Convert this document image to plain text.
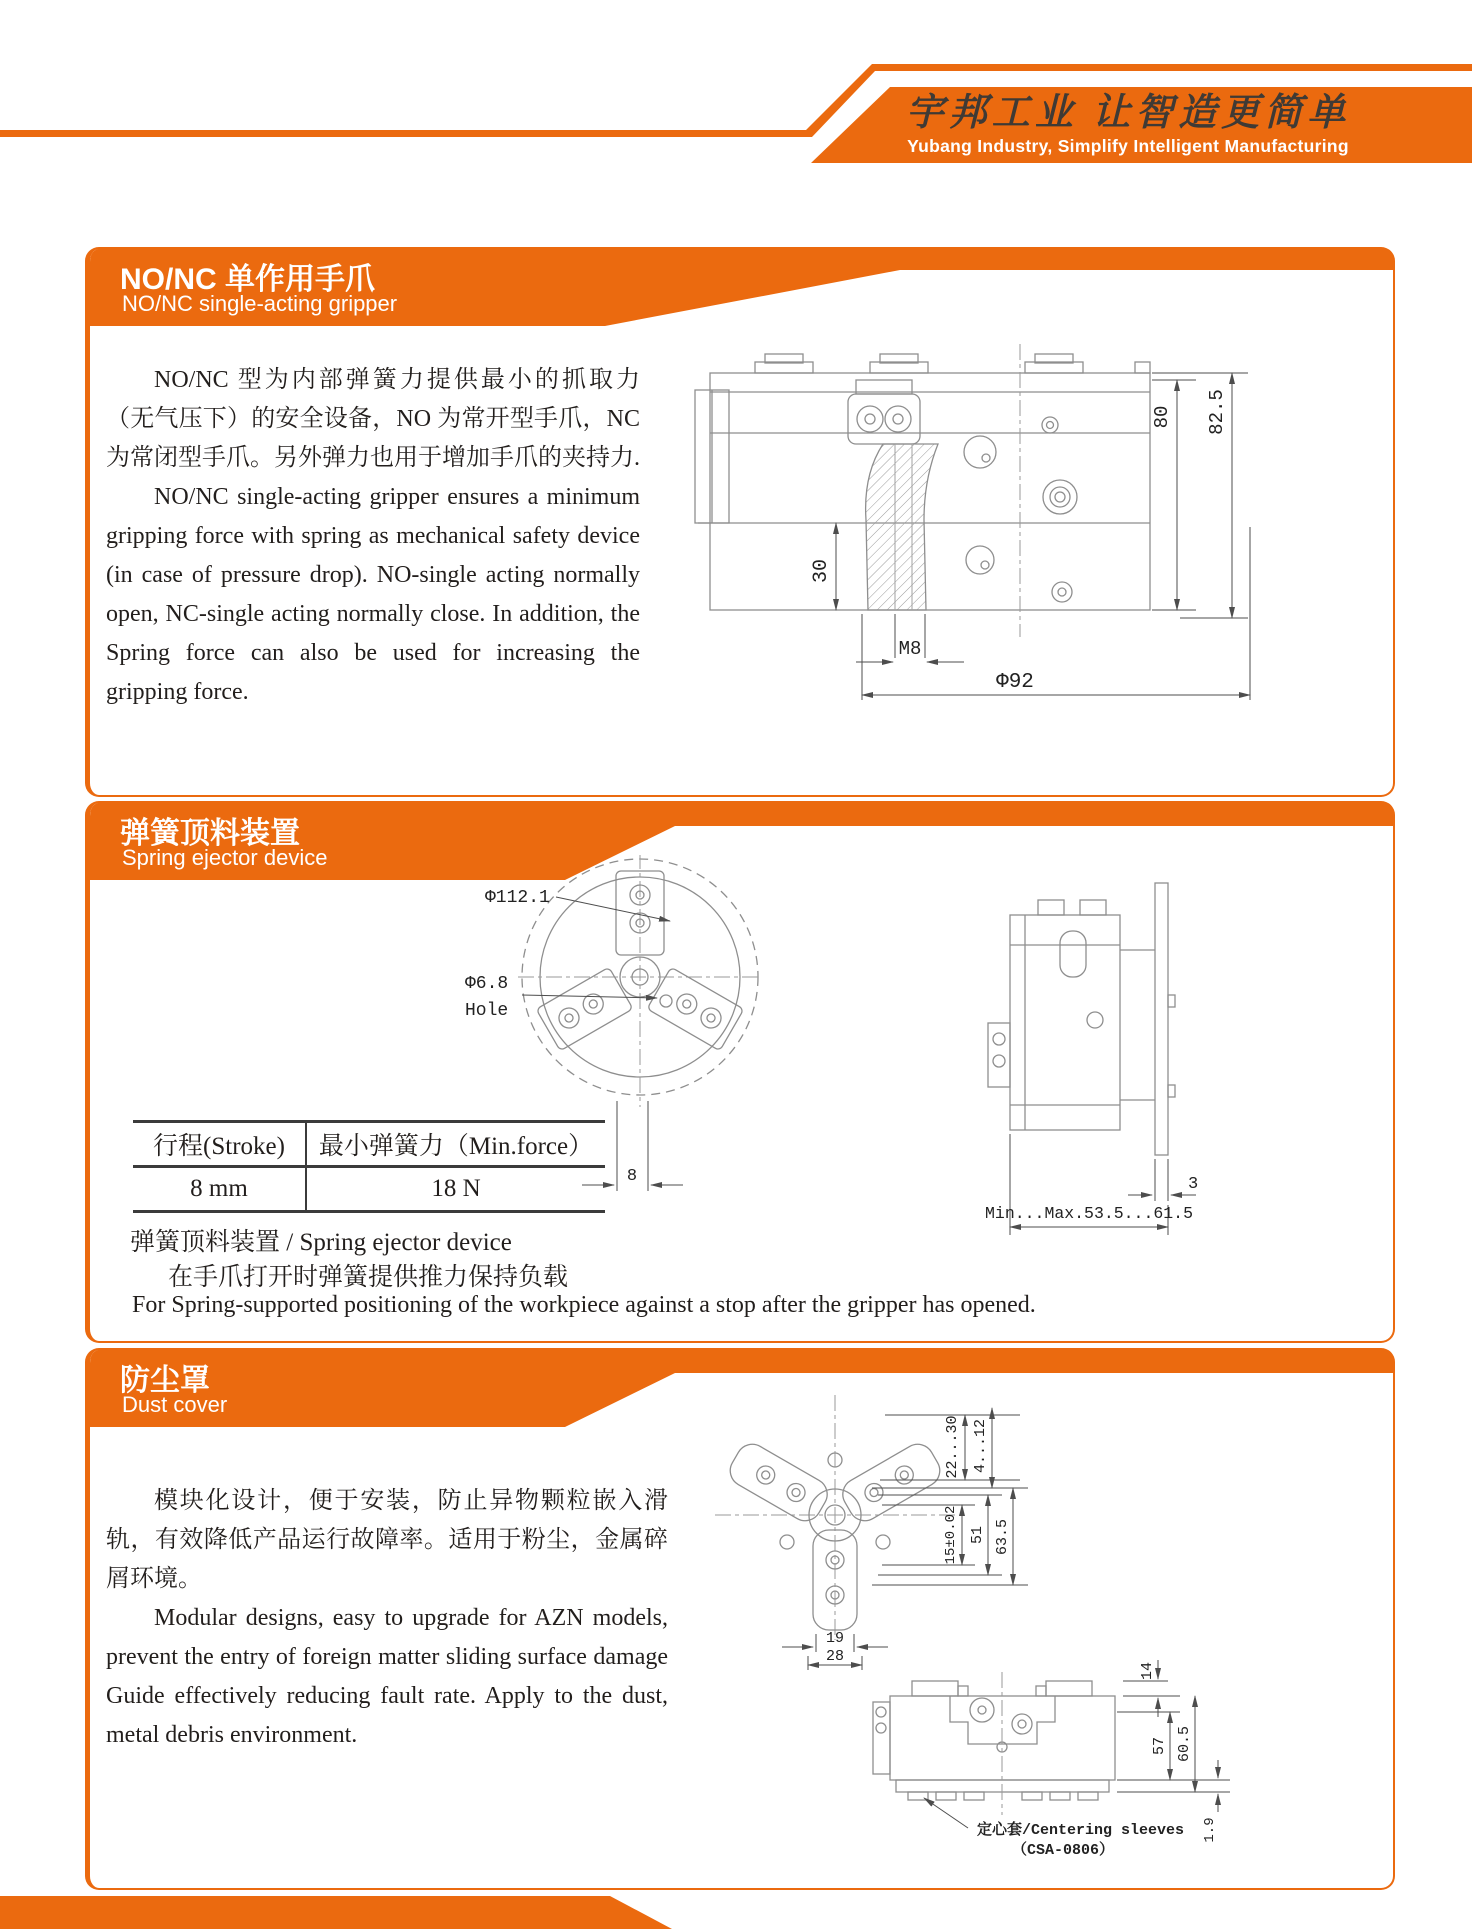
宇邦工业 让智造更简单
Yubang Industry, Simplify Intelligent Manufacturing
NO/NC 单作用手爪
NO/NC single-acting gripper

NO/NC 型为内部弹簧力提供最小的抓取力（无气压下）的安全设备，NO 为常开型手爪，NC 为常闭型手爪。另外弹力也用于增加手爪的夹持力.

NO/NC single-acting gripper ensures a minimum gripping force with spring as mechanical safety device (in case of pressure drop). NO-single acting normally open, NC-single acting normally close. In addition, the Spring force can also be used for increasing the gripping force.

30
M8
Φ92
80 82.5
弹簧顶料装置
Spring ejector device
Φ112.1
Φ6.8
Hole
8	3
Min...Max.53.5...61.5
行程(Stroke)	最小弹簧力（Min.force）
8 mm	18 N
弹簧顶料装置 / Spring ejector device
在手爪打开时弹簧提供推力保持负载
For Spring-supported positioning of the workpiece against a stop after the gripper has opened.
防尘罩
Dust cover

模块化设计，便于安装，防止异物颗粒嵌入滑轨，有效降低产品运行故障率。适用于粉尘，金属碎屑环境。

Modular designs, easy to upgrade for AZN models, prevent the entry of foreign matter sliding surface damage Guide effectively reducing fault rate. Apply to the dust, metal debris environment.

22...30 4...12
15±0.02 51 63.5
19
28
14
57 60.5
1.9
定心套/Centering sleeves
（CSA-0806）
